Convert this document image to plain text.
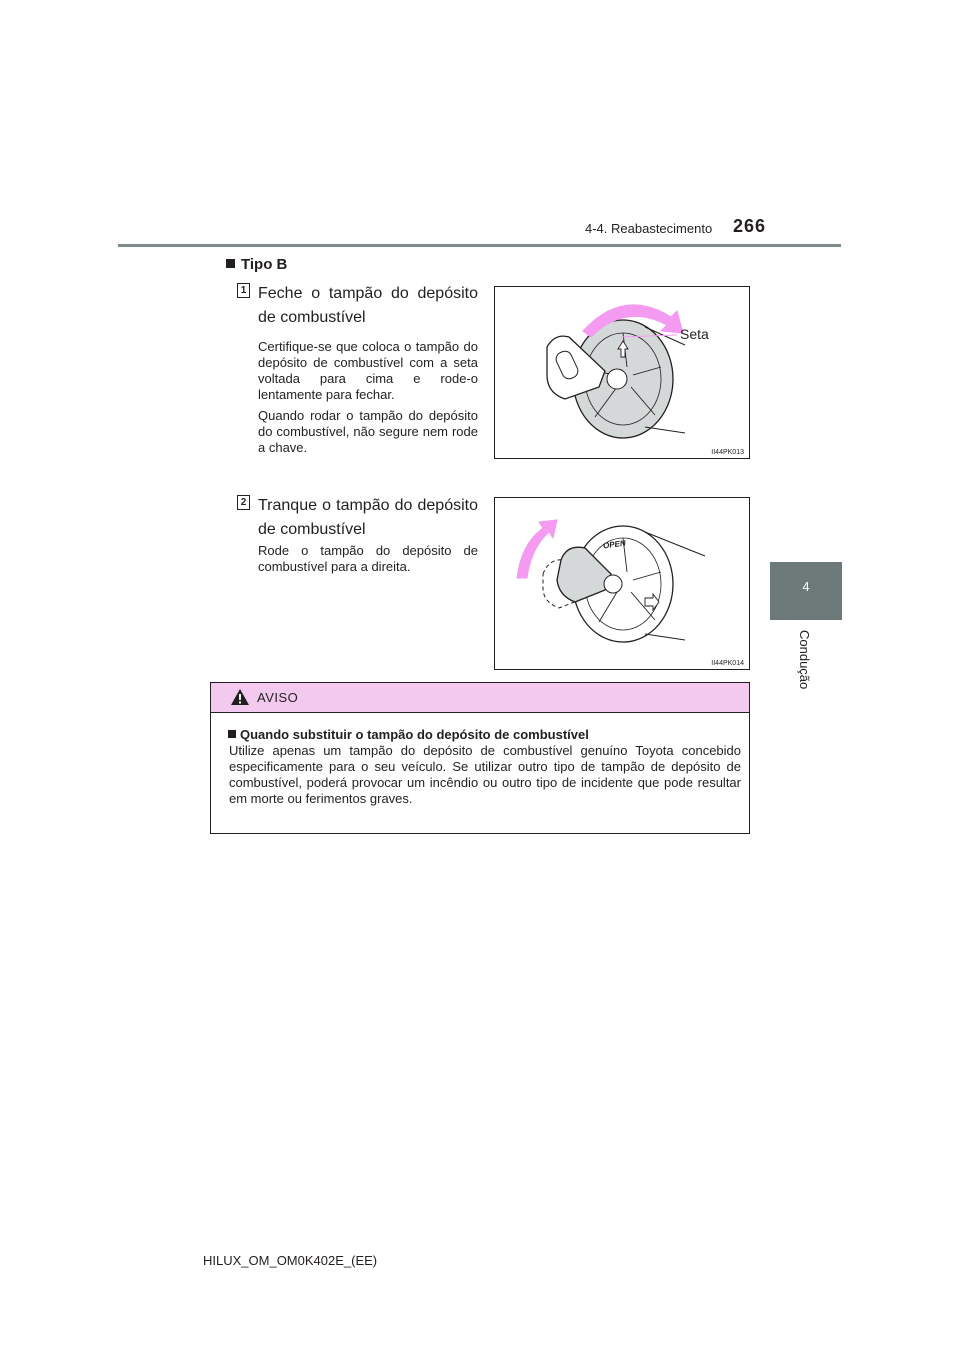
4-4. Reabastecimento 266
4
Condução
Tipo B
1 Feche o tampão do depósito de combustível
Certifique-se que coloca o tampão do depósito de combustível com a seta voltada para cima e rode-o lentamente para fechar.
Quando rodar o tampão do depósito do combustível, não segure nem rode a chave.
Seta
II44PK013
2 Tranque o tampão do depósito de combustível
Rode o tampão do depósito de combustível para a direita.
OPEN
II44PK014
AVISO
Quando substituir o tampão do depósito de combustível
Utilize apenas um tampão do depósito de combustível genuíno Toyota concebido especificamente para o seu veículo. Se utilizar outro tipo de tampão de depósito de combustível, poderá provocar um incêndio ou outro tipo de incidente que pode resultar em morte ou ferimentos graves.
HILUX_OM_OM0K402E_(EE)
